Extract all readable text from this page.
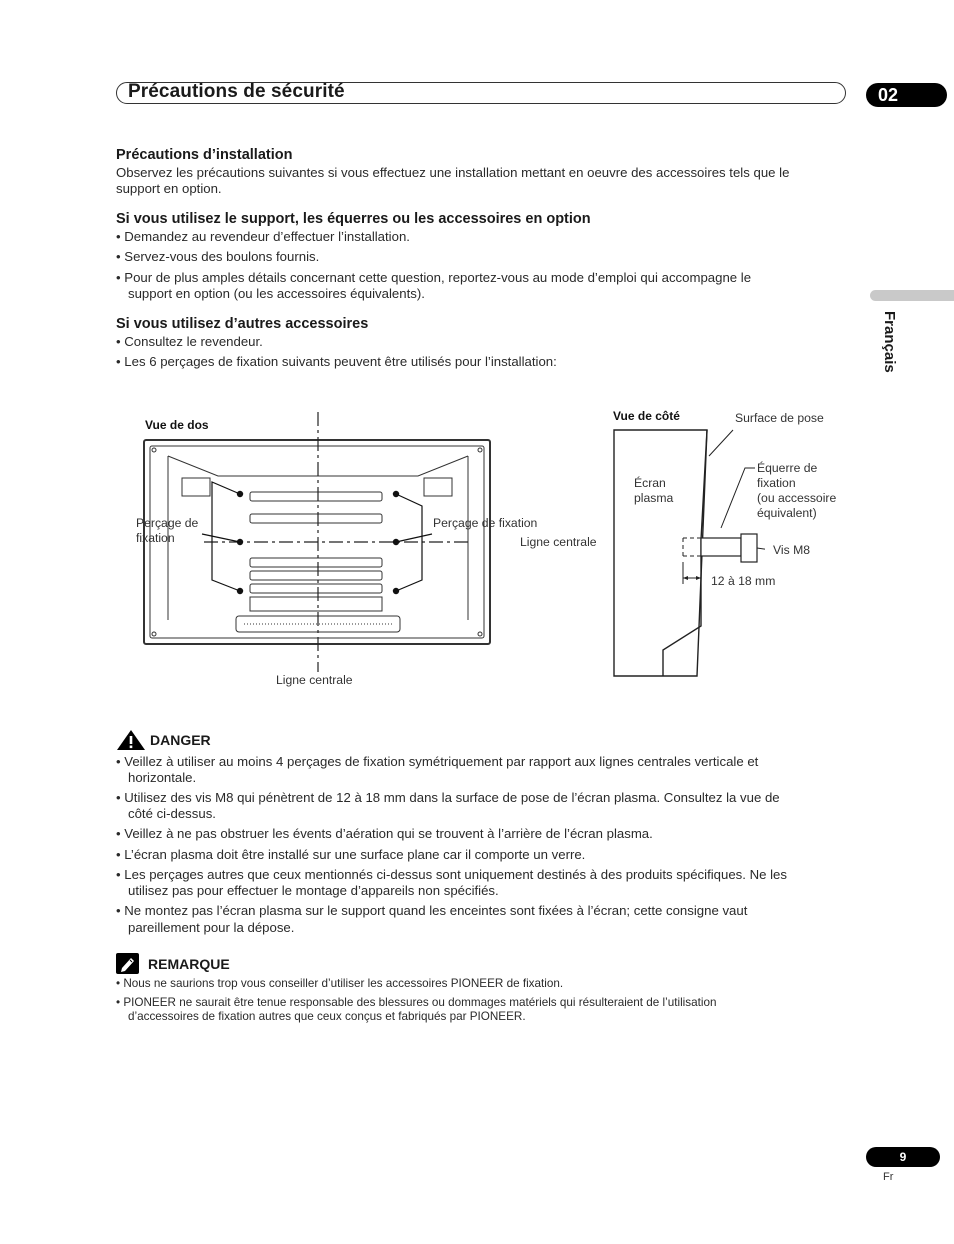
Précautions de sécurité	02
Français
Précautions d’installation
Observez les précautions suivantes si vous effectuez une installation mettant en oeuvre des accessoires tels que le
support en option.
Si vous utilisez le support, les équerres ou les accessoires en option
• Demandez au revendeur d’effectuer l’installation.
• Servez-vous des boulons fournis.
• Pour de plus amples détails concernant cette question, reportez-vous au mode d’emploi qui accompagne le
support en option (ou les accessoires équivalents).
Si vous utilisez d’autres accessoires
• Consultez le revendeur.
• Les 6 perçages de fixation suivants peuvent être utilisés pour l’installation:
Vue de dos
Perçage de
fixation
Perçage de fixation
Ligne centrale
Ligne centrale
Vue de côté	Surface de pose
Écran
plasma
Équerre de
fixation
(ou accessoire
équivalent)
Vis M8
12 à 18 mm
DANGER
• Veillez à utiliser au moins 4 perçages de fixation symétriquement par rapport aux lignes centrales verticale et
horizontale.
• Utilisez des vis M8 qui pénètrent de 12 à 18 mm dans la surface de pose de l’écran plasma. Consultez la vue de
côté ci-dessus.
• Veillez à ne pas obstruer les évents d’aération qui se trouvent à l’arrière de l’écran plasma.
• L’écran plasma doit être installé sur une surface plane car il comporte un verre.
• Les perçages autres que ceux mentionnés ci-dessus sont uniquement destinés à des produits spécifiques. Ne les
utilisez pas pour effectuer le montage d’appareils non spécifiés.
• Ne montez pas l’écran plasma sur le support quand les enceintes sont fixées à l’écran; cette consigne vaut
pareillement pour la dépose.
REMARQUE
• Nous ne saurions trop vous conseiller d’utiliser les accessoires PIONEER de fixation.
• PIONEER ne saurait être tenue responsable des blessures ou dommages matériels qui résulteraient de l’utilisation
d’accessoires de fixation autres que ceux conçus et fabriqués par PIONEER.
9
Fr
